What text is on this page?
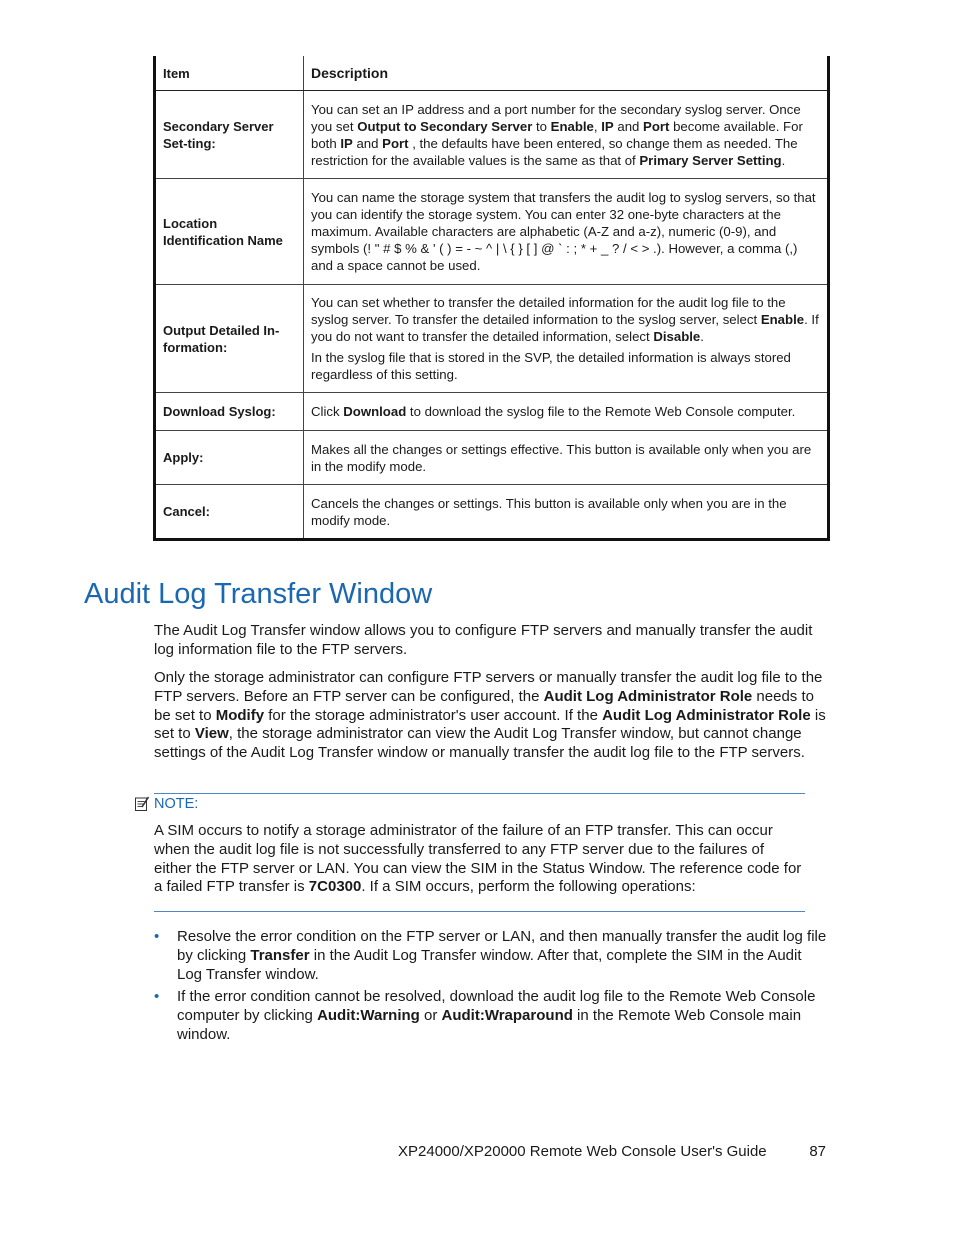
Item	Description
Secondary Server Set-ting:	You can set an IP address and a port number for the secondary syslog server. Once you set Output to Secondary Server to Enable, IP and Port become available. For both IP and Port , the defaults have been entered, so change them as needed. The restriction for the available values is the same as that of Primary Server Setting.

Location Identification Name	You can name the storage system that transfers the audit log to syslog servers, so that you can identify the storage system. You can enter 32 one-byte characters at the maximum. Available characters are alphabetic (A-Z and a-z), numeric (0-9), and symbols (! " # $ % & ' ( ) = - ~ ^ | \ { } [ ] @ ` : ; * + _ ? / < > .). However, a comma (,) and a space cannot be used.

Output Detailed In-formation:	You can set whether to transfer the detailed information for the audit log file to the syslog server. To transfer the detailed information to the syslog server, select Enable. If you do not want to transfer the detailed information, select Disable.

In the syslog file that is stored in the SVP, the detailed information is always stored regardless of this setting.

Download Syslog:	Click Download to download the syslog file to the Remote Web Console computer.

Apply:	Makes all the changes or settings effective. This button is available only when you are in the modify mode.
Cancel:	Cancels the changes or settings. This button is available only when you are in the modify mode.
Audit Log Transfer Window

The Audit Log Transfer window allows you to configure FTP servers and manually transfer the audit log information file to the FTP servers.

Only the storage administrator can configure FTP servers or manually transfer the audit log file to the FTP servers. Before an FTP server can be configured, the Audit Log Administrator Role needs to be set to Modify for the storage administrator's user account. If the Audit Log Administrator Role is set to View, the storage administrator can view the Audit Log Transfer window, but cannot change settings of the Audit Log Transfer window or manually transfer the audit log file to the FTP servers.

NOTE:

A SIM occurs to notify a storage administrator of the failure of an FTP transfer. This can occur when the audit log file is not successfully transferred to any FTP server due to the failures of either the FTP server or LAN. You can view the SIM in the Status Window. The reference code for a failed FTP transfer is 7C0300. If a SIM occurs, perform the following operations:

• Resolve the error condition on the FTP server or LAN, and then manually transfer the audit log file by clicking Transfer in the Audit Log Transfer window. After that, complete the SIM in the Audit Log Transfer window.
• If the error condition cannot be resolved, download the audit log file to the Remote Web Console computer by clicking Audit:Warning or Audit:Wraparound in the Remote Web Console main window.
XP24000/XP20000 Remote Web Console User's Guide	87
